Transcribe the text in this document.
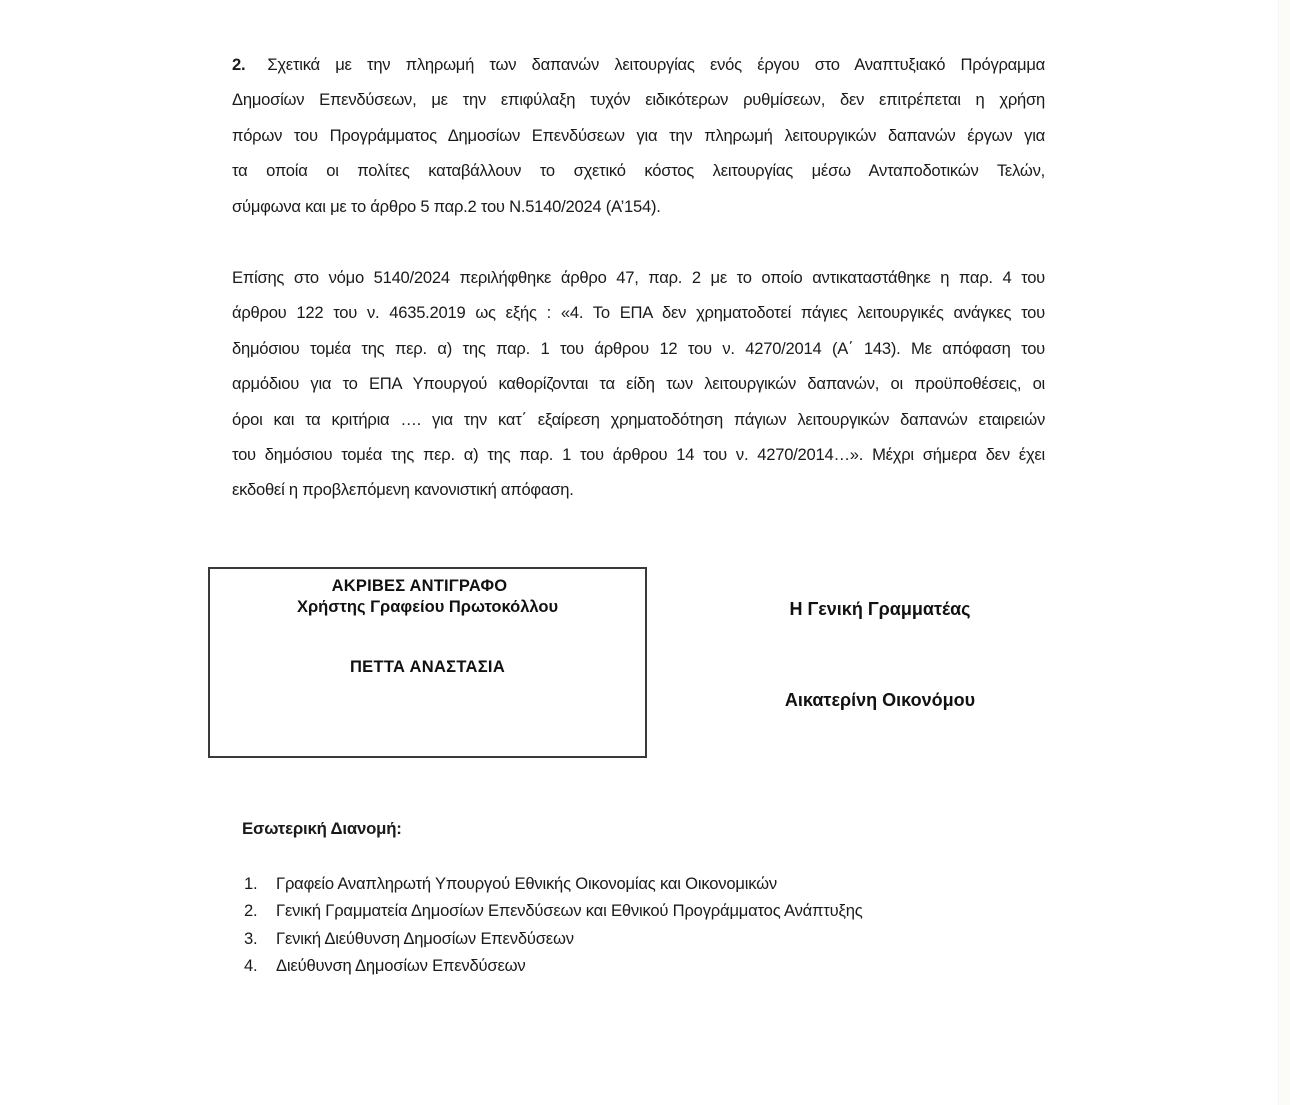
2. Σχετικά με την πληρωμή των δαπανών λειτουργίας ενός έργου στο Αναπτυξιακό Πρόγραμμα
Δημοσίων Επενδύσεων, με την επιφύλαξη τυχόν ειδικότερων ρυθμίσεων, δεν επιτρέπεται η χρήση
πόρων του Προγράμματος Δημοσίων Επενδύσεων για την πληρωμή λειτουργικών δαπανών έργων για
τα οποία οι πολίτες καταβάλλουν το σχετικό κόστος λειτουργίας μέσω Ανταποδοτικών Τελών,
σύμφωνα και με το άρθρο 5 παρ.2 του Ν.5140/2024 (Α’154).
Επίσης στο νόμο 5140/2024 περιλήφθηκε άρθρο 47, παρ. 2 με το οποίο αντικαταστάθηκε η παρ. 4 του
άρθρου 122 του ν. 4635.2019 ως εξής : «4. Το ΕΠΑ δεν χρηματοδοτεί πάγιες λειτουργικές ανάγκες του
δημόσιου τομέα της περ. α) της παρ. 1 του άρθρου 12 του ν. 4270/2014 (Α΄ 143). Με απόφαση του
αρμόδιου για το ΕΠΑ Υπουργού καθορίζονται τα είδη των λειτουργικών δαπανών, οι προϋποθέσεις, οι
όροι και τα κριτήρια …. για την κατ΄ εξαίρεση χρηματοδότηση πάγιων λειτουργικών δαπανών εταιρειών
του δημόσιου τομέα της περ. α) της παρ. 1 του άρθρου 14 του ν. 4270/2014…». Μέχρι σήμερα δεν έχει
εκδοθεί η προβλεπόμενη κανονιστική απόφαση.
ΑΚΡΙΒΕΣ ΑΝΤΙΓΡΑΦΟ
Χρήστης Γραφείου Πρωτοκόλλου
ΠΕΤΤΑ ΑΝΑΣΤΑΣΙΑ
Η Γενική Γραμματέας
Αικατερίνη Οικονόμου
Εσωτερική Διανομή:
1.	Γραφείο Αναπληρωτή Υπουργού Εθνικής Οικονομίας και Οικονομικών
2.	Γενική Γραμματεία Δημοσίων Επενδύσεων και Εθνικού Προγράμματος Ανάπτυξης
3.	Γενική Διεύθυνση Δημοσίων Επενδύσεων
4.	Διεύθυνση Δημοσίων Επενδύσεων
